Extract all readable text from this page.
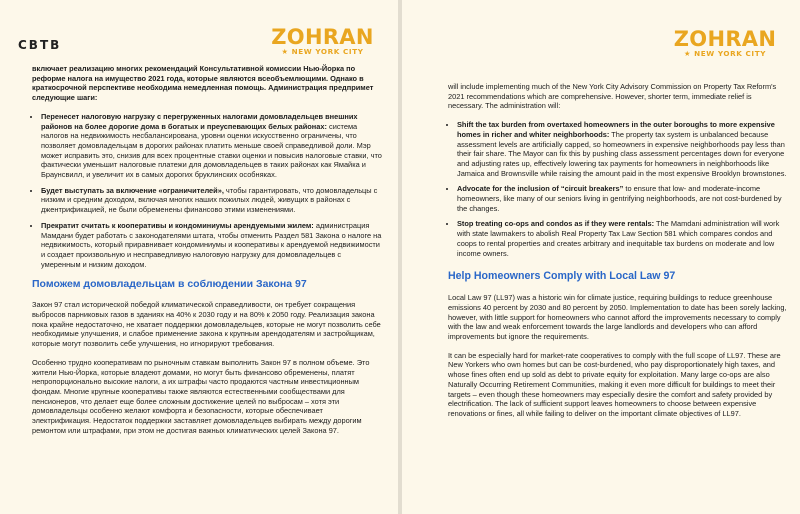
CBTB	ZOHRAN
★ NEW YORK CITY

включает реализацию многих рекомендаций Консультативной комиссии Нью-Йорка по реформе налога на имущество 2021 года, которые являются всеобъемлющими. Однако в краткосрочной перспективе необходима немедленная помощь. Администрация предпримет следующие шаги:

• Перенесет налоговую нагрузку с перегруженных налогами домовладельцев внешних районов на более дорогие дома в богатых и преуспевающих белых районах: система налогов на недвижимость несбалансирована, уровни оценки искусственно ограничены, что позволяет домовладельцам в дорогих районах платить меньше своей справедливой доли. Мэр может исправить это, снизив для всех процентные ставки оценки и повысив налоговые ставки, что фактически уменьшит налоговые платежи для домовладельцев в таких районах как Ямайка и Браунсвилл, и увеличит их в самых дорогих бруклинских особняках.
• Будет выступать за включение «ограничителей», чтобы гарантировать, что домовладельцы с низким и средним доходом, включая многих наших пожилых людей, живущих в районах с джентрификацией, не были обременены финансово этими изменениями.
• Прекратит считать к кооперативы и кондоминиумы арендуемыми жилем: администрация Мамдани будет работать с законодателями штата, чтобы отменить Раздел 581 Закона о налоге на недвижимость, который приравнивает кондоминиумы и кооперативы к арендуемой недвижимости и создает произвольную и несправедливую налоговую нагрузку для домовладельцев с умеренным и низким доходом.
Поможем домовладельцам в соблюдении Закона 97

Закон 97 стал исторической победой климатической справедливости, он требует сокращения выбросов парниковых газов в зданиях на 40% к 2030 году и на 80% к 2050 году. Реализация закона пока крайне недостаточно, не хватает поддержки домовладельцев, которые не могут позволить себе необходимые улучшения, и слабое применение закона к крупным арендодателям и застройщикам, которые могут позволить себе улучшения, но игнорируют требования.

Особенно трудно кооперативам по рыночным ставкам выполнить Закон 97 в полном объеме. Это жители Нью-Йорка, которые владеют домами, но могут быть финансово обременены, платят непропорционально высокие налоги, а их штрафы часто продаются частным инвестиционным фондам. Многие крупные кооперативы также являются естественными сообществами для пенсионеров, что делает еще более сложным достижение целей по выбросам – хотя эти домовладельцы особенно желают комфорта и безопасности, которые обеспечивает электрификация. Недостаток поддержки заставляет домовладельцев выбирать между дорогим ремонтом или штрафами, при этом не достигая важных климатических целей Закона 97.

ZOHRAN
★ NEW YORK CITY

will include implementing much of the New York City Advisory Commission on Property Tax Reform's 2021 recommendations which are comprehensive. However, shorter term, immediate relief is necessary. The administration will:

• Shift the tax burden from overtaxed homeowners in the outer boroughs to more expensive homes in richer and whiter neighborhoods: The property tax system is unbalanced because assessment levels are artificially capped, so homeowners in expensive neighborhoods pay less than their fair share. The Mayor can fix this by pushing class assessment percentages down for everyone and adjusting rates up, effectively lowering tax payments for homeowners in neighborhoods like Jamaica and Brownsville while raising the amount paid in the most expensive Brooklyn brownstones.
• Advocate for the inclusion of “circuit breakers” to ensure that low- and moderate-income homeowners, like many of our seniors living in gentrifying neighborhoods, are not cost-burdened by the changes.
• Stop treating co-ops and condos as if they were rentals: The Mamdani administration will work with state lawmakers to abolish Real Property Tax Law Section 581 which compares condos and coops to rental properties and creates arbitrary and inequitable tax burdens on moderate and low income owners.
Help Homeowners Comply with Local Law 97

Local Law 97 (LL97) was a historic win for climate justice, requiring buildings to reduce greenhouse emissions 40 percent by 2030 and 80 percent by 2050. Implementation to date has been sorely lacking, however, with little support for homeowners who cannot afford the improvements necessary to comply with the law and weak enforcement towards the large landlords and developers who can afford improvements but ignore the requirements.

It can be especially hard for market-rate cooperatives to comply with the full scope of LL97. These are New Yorkers who own homes but can be cost-burdened, who pay disproportionately high taxes, and whose fines often end up sold as debt to private equity for exploitation. Many large co-ops are also Naturally Occurring Retirement Communities, making it even more difficult for buildings to meet their targets – even though these homeowners may especially desire the comfort and safety provided by electrification. The lack of sufficient support leaves homeowners to choose between expensive renovations or fines, all while failing to deliver on the important climate objectives of LL97.
